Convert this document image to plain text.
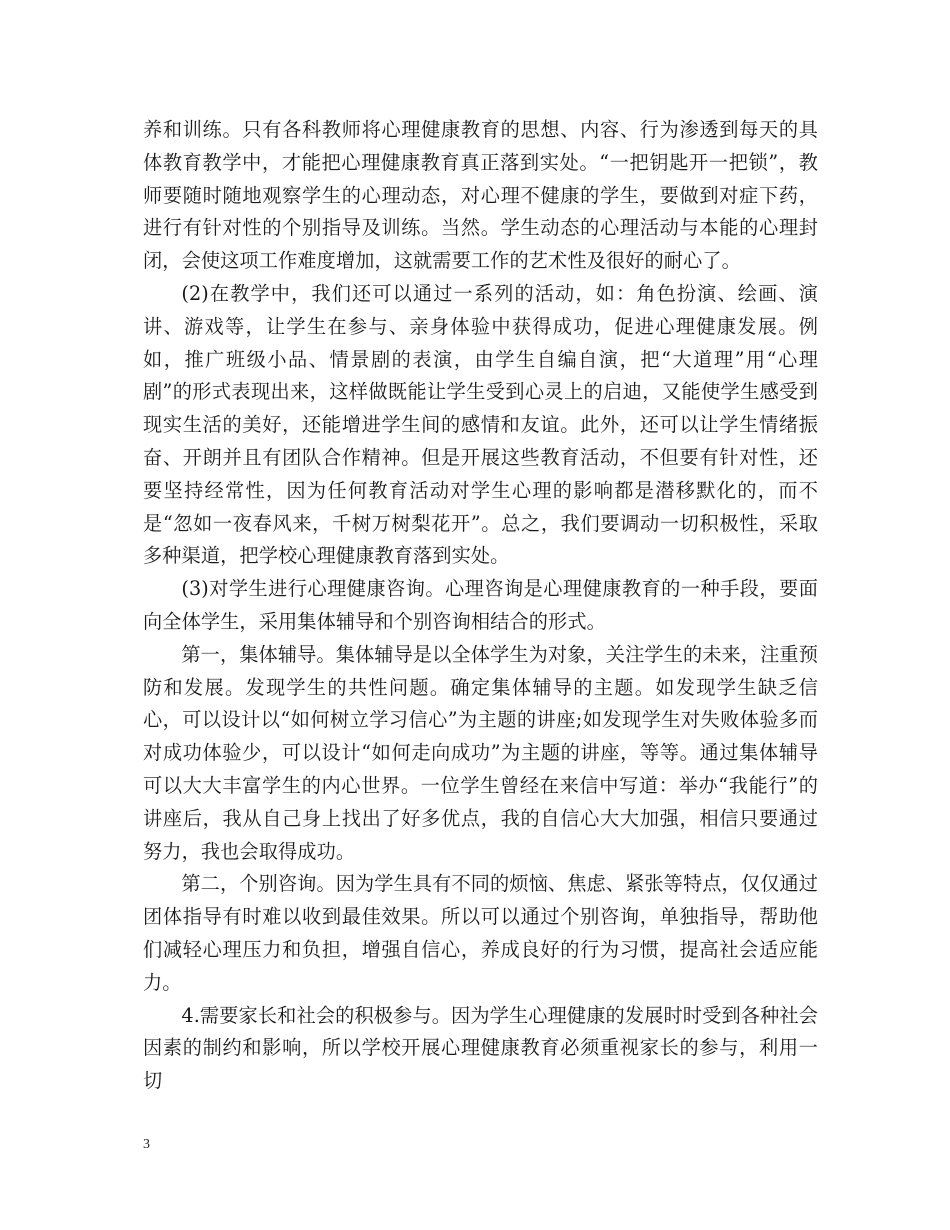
养和训练。只有各科教师将心理健康教育的思想、内容、行为渗透到每天的具体教育教学中，才能把心理健康教育真正落到实处。“一把钥匙开一把锁”，教师要随时随地观察学生的心理动态，对心理不健康的学生，要做到对症下药，进行有针对性的个别指导及训练。当然。学生动态的心理活动与本能的心理封闭，会使这项工作难度增加，这就需要工作的艺术性及很好的耐心了。

(2)在教学中，我们还可以通过一系列的活动，如：角色扮演、绘画、演讲、游戏等，让学生在参与、亲身体验中获得成功，促进心理健康发展。例如，推广班级小品、情景剧的表演，由学生自编自演，把“大道理”用“心理剧”的形式表现出来，这样做既能让学生受到心灵上的启迪，又能使学生感受到现实生活的美好，还能增进学生间的感情和友谊。此外，还可以让学生情绪振奋、开朗并且有团队合作精神。但是开展这些教育活动，不但要有针对性，还要坚持经常性，因为任何教育活动对学生心理的影响都是潜移默化的，而不是“忽如一夜春风来，千树万树梨花开”。总之，我们要调动一切积极性，采取多种渠道，把学校心理健康教育落到实处。

(3)对学生进行心理健康咨询。心理咨询是心理健康教育的一种手段，要面向全体学生，采用集体辅导和个别咨询相结合的形式。

第一，集体辅导。集体辅导是以全体学生为对象，关注学生的未来，注重预防和发展。发现学生的共性问题。确定集体辅导的主题。如发现学生缺乏信心，可以设计以“如何树立学习信心”为主题的讲座;如发现学生对失败体验多而对成功体验少，可以设计“如何走向成功”为主题的讲座，等等。通过集体辅导可以大大丰富学生的内心世界。一位学生曾经在来信中写道：举办“我能行”的讲座后，我从自己身上找出了好多优点，我的自信心大大加强，相信只要通过努力，我也会取得成功。

第二，个别咨询。因为学生具有不同的烦恼、焦虑、紧张等特点，仅仅通过团体指导有时难以收到最佳效果。所以可以通过个别咨询，单独指导，帮助他们减轻心理压力和负担，增强自信心，养成良好的行为习惯，提高社会适应能力。

4.需要家长和社会的积极参与。因为学生心理健康的发展时时受到各种社会因素的制约和影响，所以学校开展心理健康教育必须重视家长的参与，利用一切

3
